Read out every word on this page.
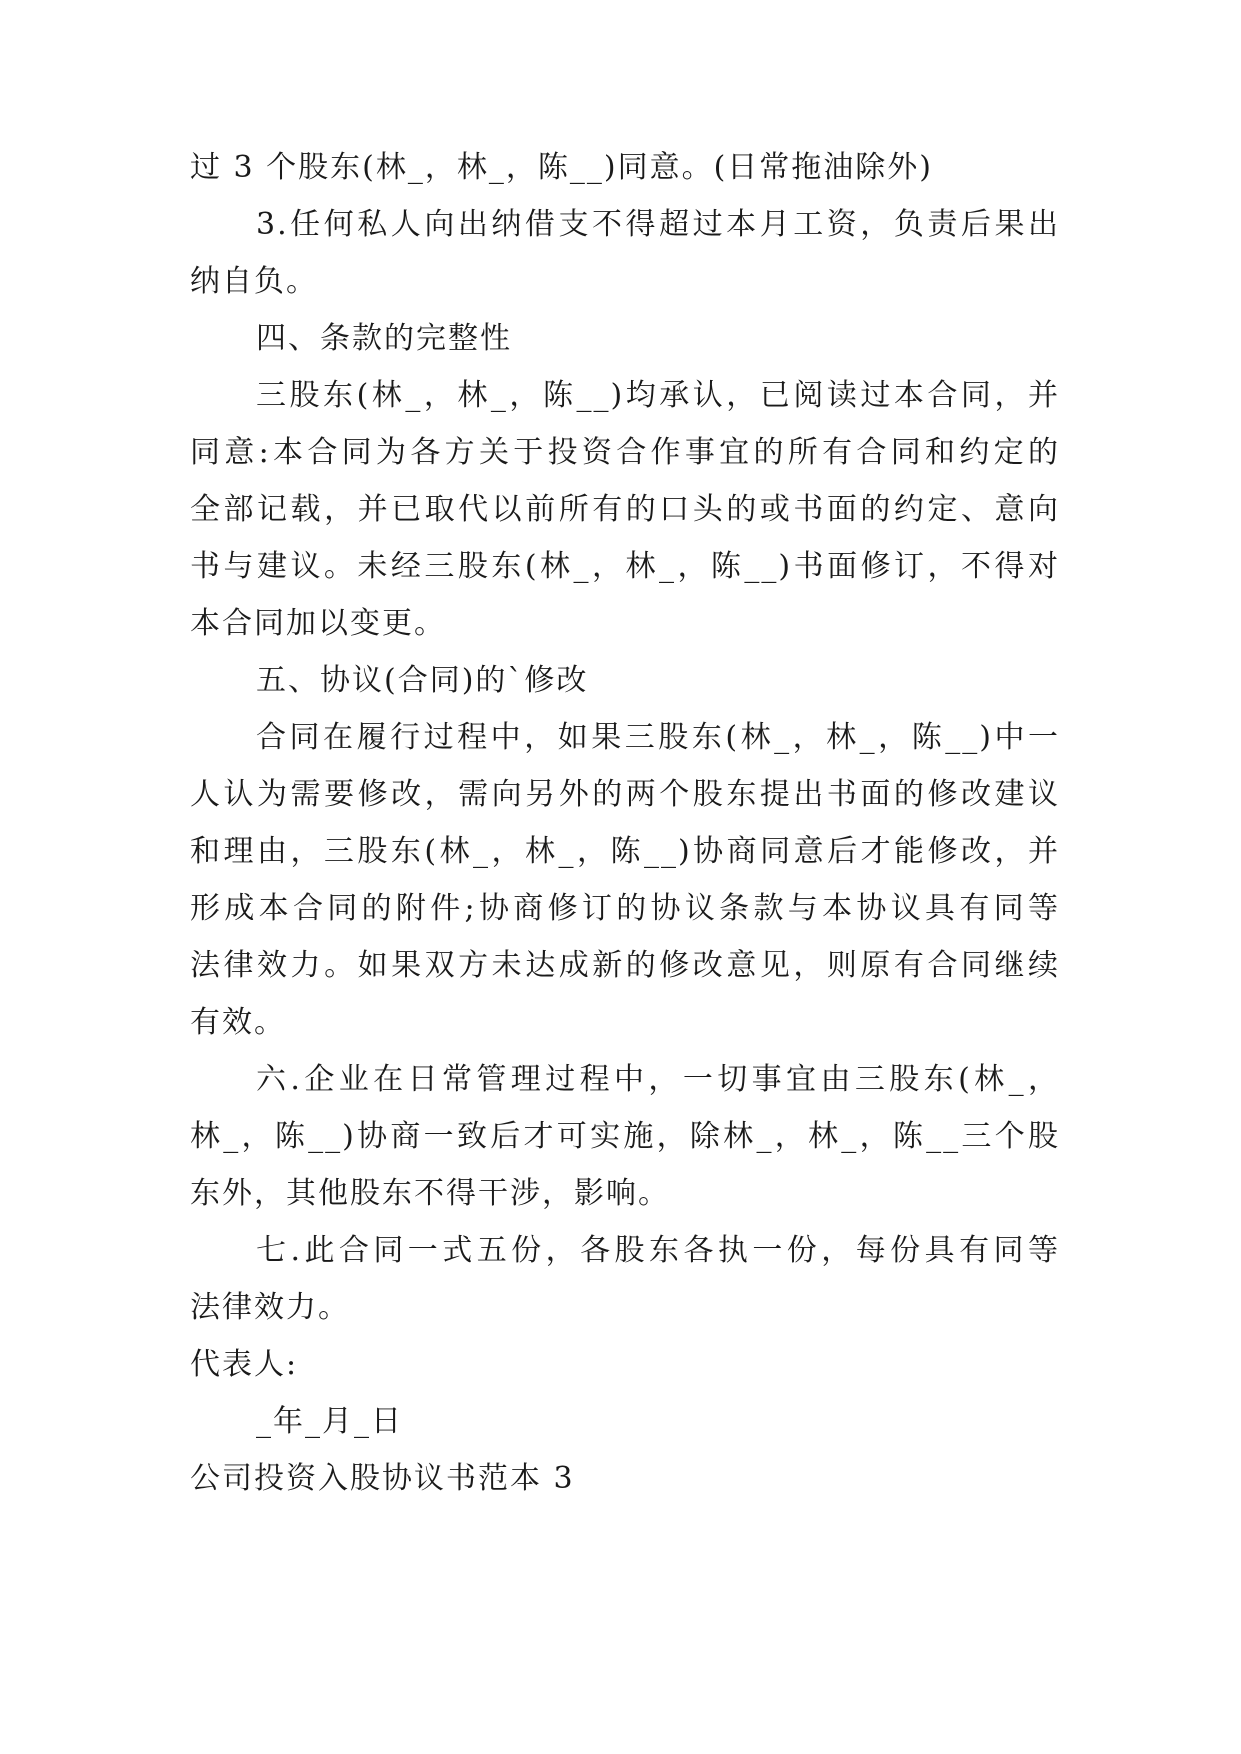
过 3 个股东(林_，林_，陈__)同意。(日常拖油除外)
3.任何私人向出纳借支不得超过本月工资，负责后果出
纳自负。
四、条款的完整性
三股东(林_，林_，陈__)均承认，已阅读过本合同，并
同意:本合同为各方关于投资合作事宜的所有合同和约定的
全部记载，并已取代以前所有的口头的或书面的约定、意向
书与建议。未经三股东(林_，林_，陈__)书面修订，不得对
本合同加以变更。
五、协议(合同)的`修改
合同在履行过程中，如果三股东(林_，林_，陈__)中一
人认为需要修改，需向另外的两个股东提出书面的修改建议
和理由，三股东(林_，林_，陈__)协商同意后才能修改，并
形成本合同的附件;协商修订的协议条款与本协议具有同等
法律效力。如果双方未达成新的修改意见，则原有合同继续
有效。
六.企业在日常管理过程中，一切事宜由三股东(林_，
林_，陈__)协商一致后才可实施，除林_，林_，陈__三个股
东外，其他股东不得干涉，影响。
七.此合同一式五份，各股东各执一份，每份具有同等
法律效力。
代表人:
_年_月_日
公司投资入股协议书范本 3
